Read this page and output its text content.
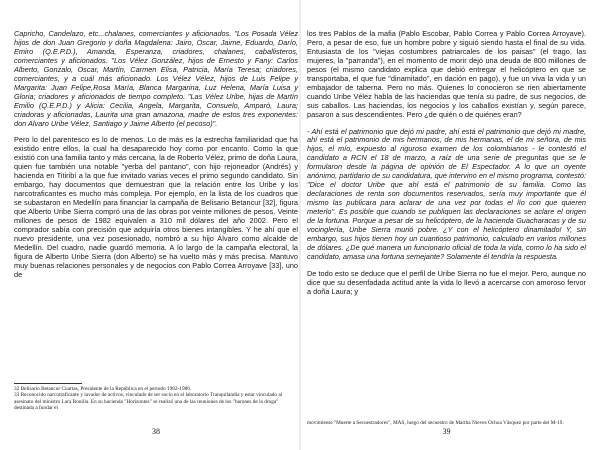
Capricho, Candelazo, etc...chalanes, comerciantes y aficionados. "Los Posada Vélez hijos de don Juan Gregorio y doña Magdalena: Jairo, Óscar, Jaime, Eduardo, Darío, Emiro (Q.E.P.D.), Amanda, Esperanza, criadores, chalanes, caballisteros, comerciantes y aficionados. "Los Vélez González, hijos de Ernesto y Fany: Carlos Alberto, Gonzalo, Oscar, Martín, Carmen Elisa, Patricia, María Teresa; criadores, comerciantes, y a cuál más aficionado. Los Vélez Vélez, hijos de Luis Felipe y Margarita: Juan Felipe,Rosa María, Blanca Margarina, Luz Helena, María Luisa y Gloria; criadores y aficionados de tiempo completo. "Las Vélez Uribe, hijas de Martín Emilio (Q.E.P.D.) y Alicia: Cecilia, Angela, Margarita, Consuelo, Amparó, Laura; criadoras y aficionadas, Laurita una gran amazona, madre de estos tres exponentes: don Alvaro Uribe Vélez, Santiago y Jaime Alberto (el pecoso)".

Pero lo del parentesco es lo de menos. Lo de más es la estrecha familiaridad que ha existido entre ellos, la cual ha desaparecido hoy como por encanto. Como la que existió con una familia tanto y más cercana, la de Roberto Vélez, primo de doña Laura, quien fue también una notable "yerba del pantano", con hijo rejoneador (Andrés) y hacienda en Titiribí a la que fue invitado varias veces el primo segundo candidato. Sin embargo, hay documentos que demuestran que la relación entre los Uribe y los narcotraficantes es mucho más compleja. Por ejemplo, en la lista de los cuadros que se subastaron en Medellín para financiar la campaña de Belisario Betancur [32], figura que Alberto Uribe Sierra compró una de las obras por veinte millones de pesos. Veinte millones de pesos de 1982 equivalen a 310 mil dólares del año 2002. Pero el comprador sabía con precisión que adquiría otros bienes intangibles. Y he ahí que el nuevo presidente, una vez posesionado, nombró a su hijo Álvaro como alcalde de Medellín. Del cuadro, nadie guardó memoria. A lo largo de la campaña electoral, la figura de Alberto Uribe Sierra (don Alberto) se ha vuelto más y más precisa. Mantuvo muy buenas relaciones personales y de negocios con Pablo Correa Arroyave [33], uno de

32 Belisario Betancur Cuartas, Presidente de la República en el periodo 1982-1986.

33 Reconocido narcotraficante y lavador de activos, vinculado de ser socio en el laboratorio Tranquilandia y estar vinculado al asesinato del ministro Lara Bonilla. En su hacienda "Horizontes" se realizó una de las reuniones de los "barones de la droga" destinada a fundar el

38

los tres Pablos de la mafia (Pablo Escobar, Pablo Correa y Pablo Correa Arroyave). Pero, a pesar de eso, fue un hombre pobre y siguió siendo hasta el final de su vida. Entusiasta de los "viejas costumbres patriarcales de los paisas" (el trago, las mujeres, la "parranda"), en el momento de morir dejó una deuda de 800 millones de pesos (el mismo candidato explica que debió entregar el helicóptero en que se transportaba, el que fue "dinamitado", en dación en pago), y fue un viva la vida y un embajador de taberna. Pero no más. Quienes lo conocieron se rien abiertamente cuando Uribe Vélez habla de las haciendas que tenía su padre, de sus negocios, de sus caballos. Las haciendas, los negocios y los caballos existían y, según parece, pasaron a sus descendientes. Pero ¿de quién o de quiénes eran?

- Ahí está el patrimonio que dejó mi padre, ahí está el patrimonio que dejó mi madre, ahí está el patrimonio de mis hermanos, de mis hermanas, el de mi señora, de mis hijos, el mío, expuesto al riguroso examen de los colombianos - le contestó el candidato a RCN el 18 de marzo, a raíz de una serie de preguntas que se le formularon desde la página de opinión de El Espectador. A lo que un oyente anónimo, partidario de su candidatura, que intervino en el mismo programa, contestó: "Dice el doctor Uribe que ahí está el patrimonio de su familia. Como las declaraciones de renta son documentos reservados, sería muy importante que él mismo las publicara para aclarar de una vez por todas el lío con que quieren meterlo". Es posible que cuando se publiquen las declaraciones se aclare el origen de la fortuna. Porque a pesar de su helicóptero, de la hacienda Guacharacas y de su vocinglería, Uribe Sierra murió pobre. ¿Y con el helicóptero dinamitado! Y, sin embargo, sus hijos tienen hoy un cuantioso patrimonio, calculado en varios millones de dólares. ¿De qué manera un funcionario oficial de toda la vida, como lo ha sido el candidato, amasa una fortuna semejante? Solamente él tendría la respuesta.

De todo esto se deduce que el perfil de Uribe Sierra no fue el mejor. Pero, aunque no dice que su desenfadada actitud ante la vida lo llevó a acercarse con amoroso fervor a doña Laura; y

movimiento "Muerte a Secuestradores", MAS, luego del secuestro de Martha Nieves Ochoa Vásquez por parte del M-19.

39
